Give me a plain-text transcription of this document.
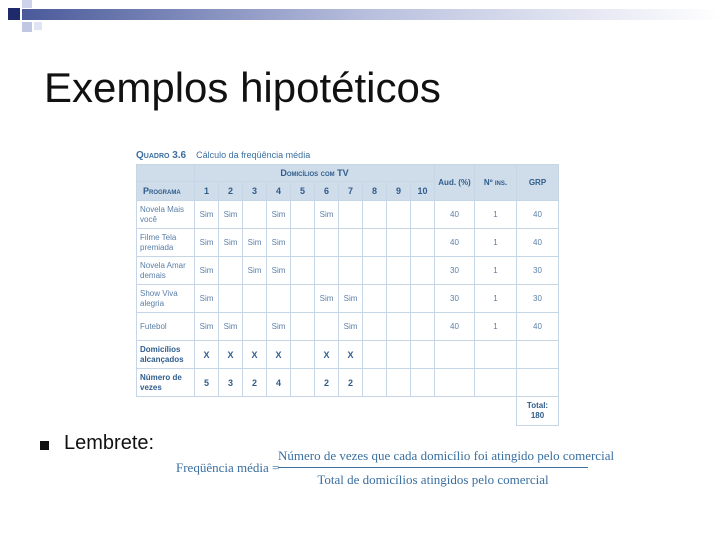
Exemplos hipotéticos
Quadro 3.6 Cálculo da freqüência média
	Domicílios com TV										Aud. (%)	Nº ins.	GRP
Programa	1	2	3	4	5	6	7	8	9	10			
Novela Mais você	Sim	Sim		Sim		Sim					40	1	40
Filme Tela premiada	Sim	Sim	Sim	Sim							40	1	40
Novela Amar demais	Sim		Sim	Sim							30	1	30
Show Viva alegria	Sim					Sim	Sim				30	1	30
Futebol	Sim	Sim		Sim			Sim				40	1	40
Domicílios alcançados	X	X	X	X		X	X						
Número de vezes	5	3	2	4		2	2						

													Total:
180
Lembrete:
Freqüência média =
Número de vezes que cada domicílio foi atingido pelo comercial
Total de domicílios atingidos pelo comercial
